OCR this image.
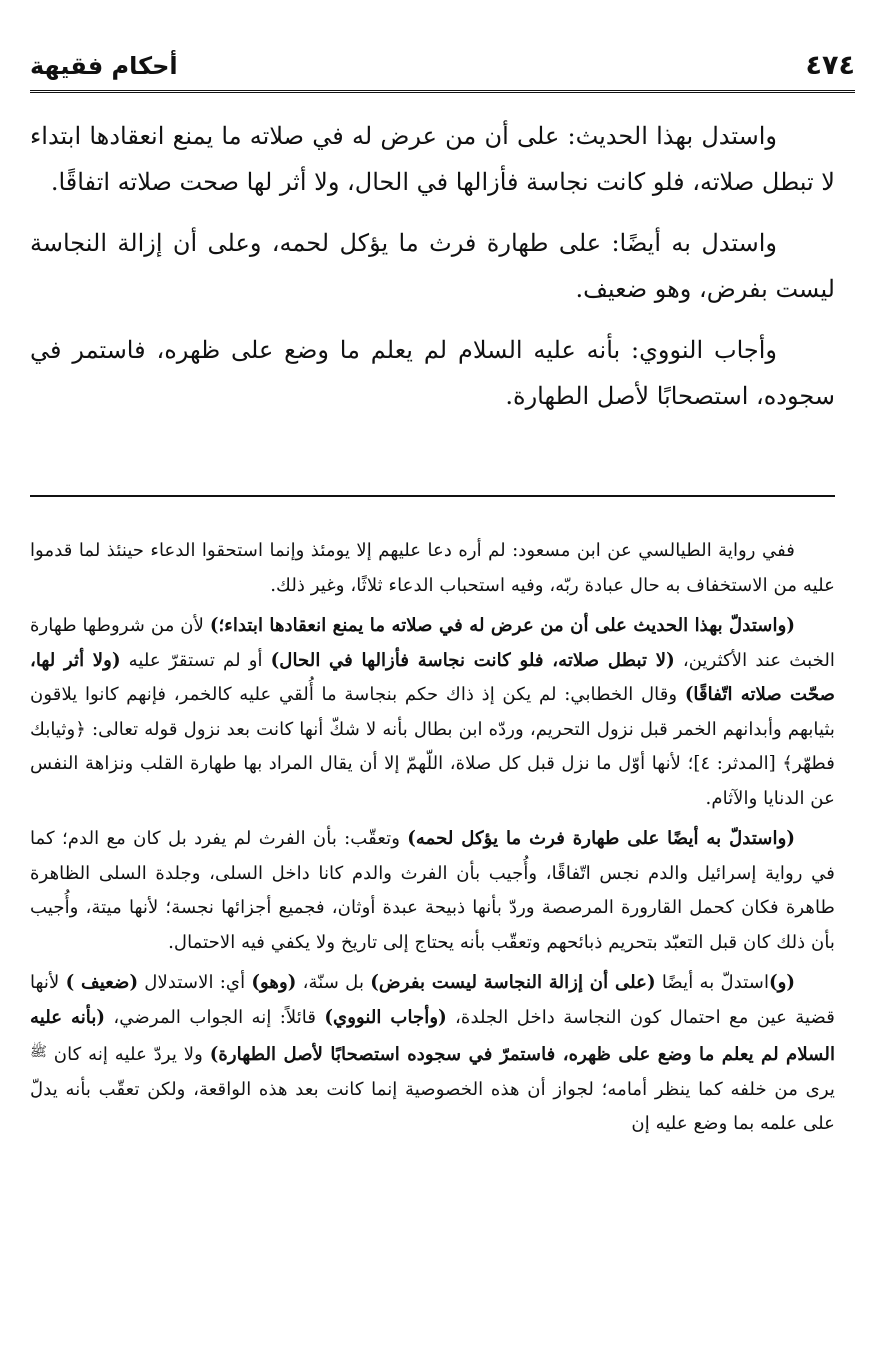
٤٧٤
أحكام فقيهة

واستدل بهذا الحديث: على أن من عرض له في صلاته ما يمنع انعقادها ابتداء لا تبطل صلاته، فلو كانت نجاسة فأزالها في الحال، ولا أثر لها صحت صلاته اتفاقًا.

واستدل به أيضًا: على طهارة فرث ما يؤكل لحمه، وعلى أن إزالة النجاسة ليست بفرض، وهو ضعيف.

وأجاب النووي: بأنه عليه السلام لم يعلم ما وضع على ظهره، فاستمر في سجوده، استصحابًا لأصل الطهارة.

ففي رواية الطيالسي عن ابن مسعود: لم أره دعا عليهم إلا يومئذ وإنما استحقوا الدعاء حينئذ لما قدموا عليه من الاستخفاف به حال عبادة ربّه، وفيه استحباب الدعاء ثلاثًا، وغير ذلك.

(واستدلّ بهذا الحديث على أن من عرض له في صلاته ما يمنع انعقادها ابتداء؛) لأن من شروطها طهارة الخبث عند الأكثرين، (لا تبطل صلاته، فلو كانت نجاسة فأزالها في الحال) أو لم تستقرّ عليه (ولا أثر لها، صحّت صلاته اتّفاقًا) وقال الخطابي: لم يكن إذ ذاك حكم بنجاسة ما أُلقي عليه كالخمر، فإنهم كانوا يلاقون بثيابهم وأبدانهم الخمر قبل نزول التحريم، وردّه ابن بطال بأنه لا شكّ أنها كانت بعد نزول قوله تعالى: ﴿وثيابك فطهّر﴾ [المدثر: ٤]؛ لأنها أوّل ما نزل قبل كل صلاة، اللّهمّ إلا أن يقال المراد بها طهارة القلب ونزاهة النفس عن الدنايا والآثام.

(واستدلّ به أيضًا على طهارة فرث ما يؤكل لحمه) وتعقّب: بأن الفرث لم يفرد بل كان مع الدم؛ كما في رواية إسرائيل والدم نجس اتّفاقًا، وأُجيب بأن الفرث والدم كانا داخل السلى، وجلدة السلى الظاهرة طاهرة فكان كحمل القارورة المرصصة وردّ بأنها ذبيحة عبدة أوثان، فجميع أجزائها نجسة؛ لأنها ميتة، وأُجيب بأن ذلك كان قبل التعبّد بتحريم ذبائحهم وتعقّب بأنه يحتاج إلى تاريخ ولا يكفي فيه الاحتمال.

(و)استدلّ به أيضًا (على أن إزالة النجاسة ليست بفرض) بل سنّة، (وهو) أي: الاستدلال (ضعيف ) لأنها قضية عين مع احتمال كون النجاسة داخل الجلدة، (وأجاب النووي) قائلاً: إنه الجواب المرضي، (بأنه عليه السلام لم يعلم ما وضع على ظهره، فاستمرّ في سجوده استصحابًا لأصل الطهارة) ولا يردّ عليه إنه كان $^ﷺ$ يرى من خلفه كما ينظر أمامه؛ لجواز أن هذه الخصوصية إنما كانت بعد هذه الواقعة، ولكن تعقّب بأنه يدلّ على علمه بما وضع عليه إن
